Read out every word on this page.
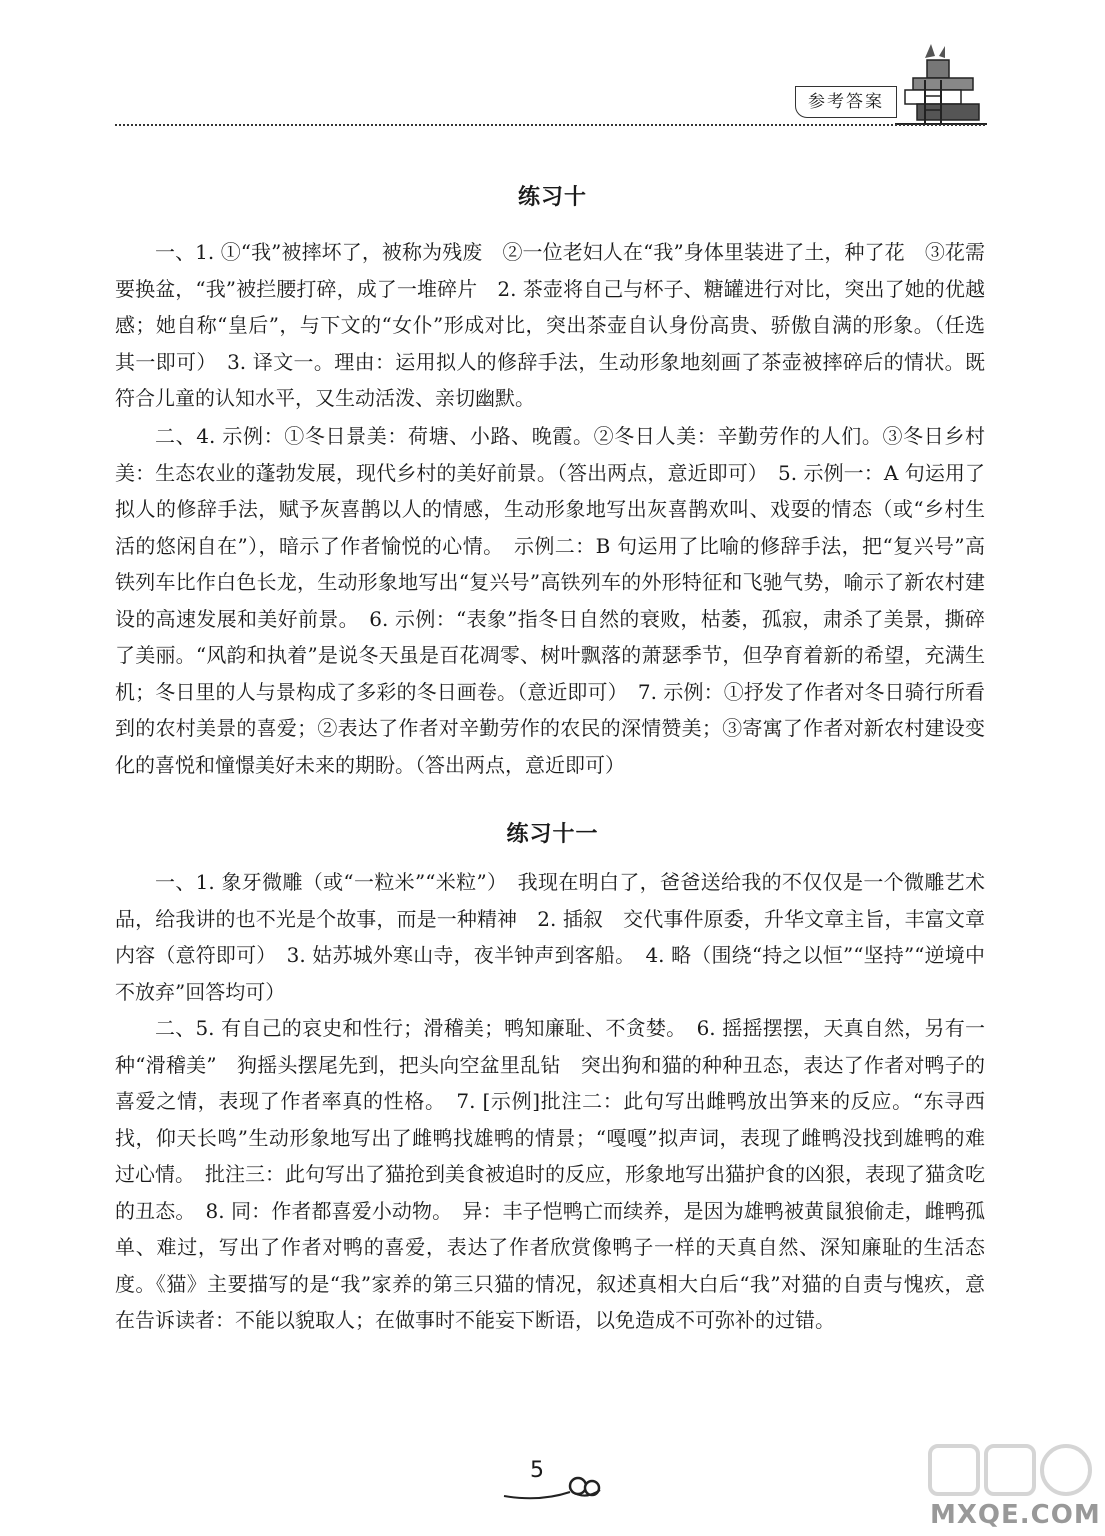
参考答案
练习十

一、1. ①“我”被摔坏了，被称为残废　②一位老妇人在“我”身体里装进了土，种了花　③花需要换盆，“我”被拦腰打碎，成了一堆碎片　2. 茶壶将自己与杯子、糖罐进行对比，突出了她的优越感；她自称“皇后”，与下文的“女仆”形成对比，突出茶壶自认身份高贵、骄傲自满的形象。（任选其一即可）　3. 译文一。理由：运用拟人的修辞手法，生动形象地刻画了茶壶被摔碎后的情状。既符合儿童的认知水平，又生动活泼、亲切幽默。

二、4. 示例：①冬日景美：荷塘、小路、晚霞。②冬日人美：辛勤劳作的人们。③冬日乡村美：生态农业的蓬勃发展，现代乡村的美好前景。（答出两点，意近即可）　5. 示例一：A 句运用了拟人的修辞手法，赋予灰喜鹊以人的情感，生动形象地写出灰喜鹊欢叫、戏耍的情态（或“乡村生活的悠闲自在”），暗示了作者愉悦的心情。　示例二：B 句运用了比喻的修辞手法，把“复兴号”高铁列车比作白色长龙，生动形象地写出“复兴号”高铁列车的外形特征和飞驰气势，喻示了新农村建设的高速发展和美好前景。　6. 示例：“表象”指冬日自然的衰败，枯萎，孤寂，肃杀了美景，撕碎了美丽。“风韵和执着”是说冬天虽是百花凋零、树叶飘落的萧瑟季节，但孕育着新的希望，充满生机；冬日里的人与景构成了多彩的冬日画卷。（意近即可）　7. 示例：①抒发了作者对冬日骑行所看到的农村美景的喜爱；②表达了作者对辛勤劳作的农民的深情赞美；③寄寓了作者对新农村建设变化的喜悦和憧憬美好未来的期盼。（答出两点，意近即可）

练习十一

一、1. 象牙微雕（或“一粒米”“米粒”）　我现在明白了，爸爸送给我的不仅仅是一个微雕艺术品，给我讲的也不光是个故事，而是一种精神　2. 插叙　交代事件原委，升华文章主旨，丰富文章内容（意符即可）　3. 姑苏城外寒山寺，夜半钟声到客船。　4. 略（围绕“持之以恒”“坚持”“逆境中不放弃”回答均可）

二、5. 有自己的哀史和性行；滑稽美；鸭知廉耻、不贪婪。　6. 摇摇摆摆，天真自然，另有一种“滑稽美”　狗摇头摆尾先到，把头向空盆里乱钻　突出狗和猫的种种丑态，表达了作者对鸭子的喜爱之情，表现了作者率真的性格。　7. [示例]批注二：此句写出雌鸭放出笋来的反应。“东寻西找，仰天长鸣”生动形象地写出了雌鸭找雄鸭的情景；“嘎嘎”拟声词，表现了雌鸭没找到雄鸭的难过心情。　批注三：此句写出了猫抢到美食被追时的反应，形象地写出猫护食的凶狠，表现了猫贪吃的丑态。　8. 同：作者都喜爱小动物。　异：丰子恺鸭亡而续养，是因为雄鸭被黄鼠狼偷走，雌鸭孤单、难过，写出了作者对鸭的喜爱，表达了作者欣赏像鸭子一样的天真自然、深知廉耻的生活态度。《猫》主要描写的是“我”家养的第三只猫的情况，叙述真相大白后“我”对猫的自责与愧疚，意在告诉读者：不能以貌取人；在做事时不能妄下断语，以免造成不可弥补的过错。

5
MXQE.COM
